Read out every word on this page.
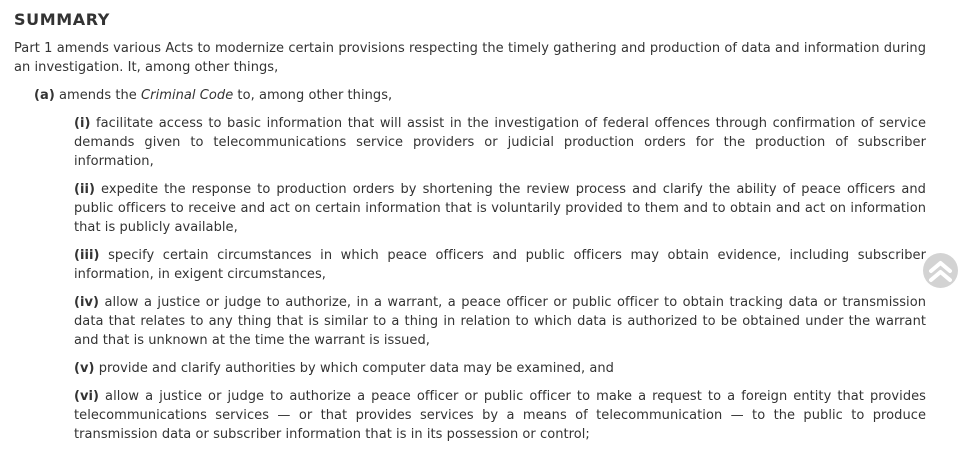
SUMMARY

Part 1 amends various Acts to modernize certain provisions respecting the timely gathering and production of data and information during an investigation. It, among other things,

(a) amends the Criminal Code to, among other things,

(i) facilitate access to basic information that will assist in the investigation of federal offences through confirmation of service demands given to telecommunications service providers or judicial production orders for the production of subscriber information,

(ii) expedite the response to production orders by shortening the review process and clarify the ability of peace officers and public officers to receive and act on certain information that is voluntarily provided to them and to obtain and act on information that is publicly available,

(iii) specify certain circumstances in which peace officers and public officers may obtain evidence, including subscriber information, in exigent circumstances,

(iv) allow a justice or judge to authorize, in a warrant, a peace officer or public officer to obtain tracking data or transmission data that relates to any thing that is similar to a thing in relation to which data is authorized to be obtained under the warrant and that is unknown at the time the warrant is issued,

(v) provide and clarify authorities by which computer data may be examined, and

(vi) allow a justice or judge to authorize a peace officer or public officer to make a request to a foreign entity that provides telecommunications services — or that provides services by a means of telecommunication — to the public to produce transmission data or subscriber information that is in its possession or control;
